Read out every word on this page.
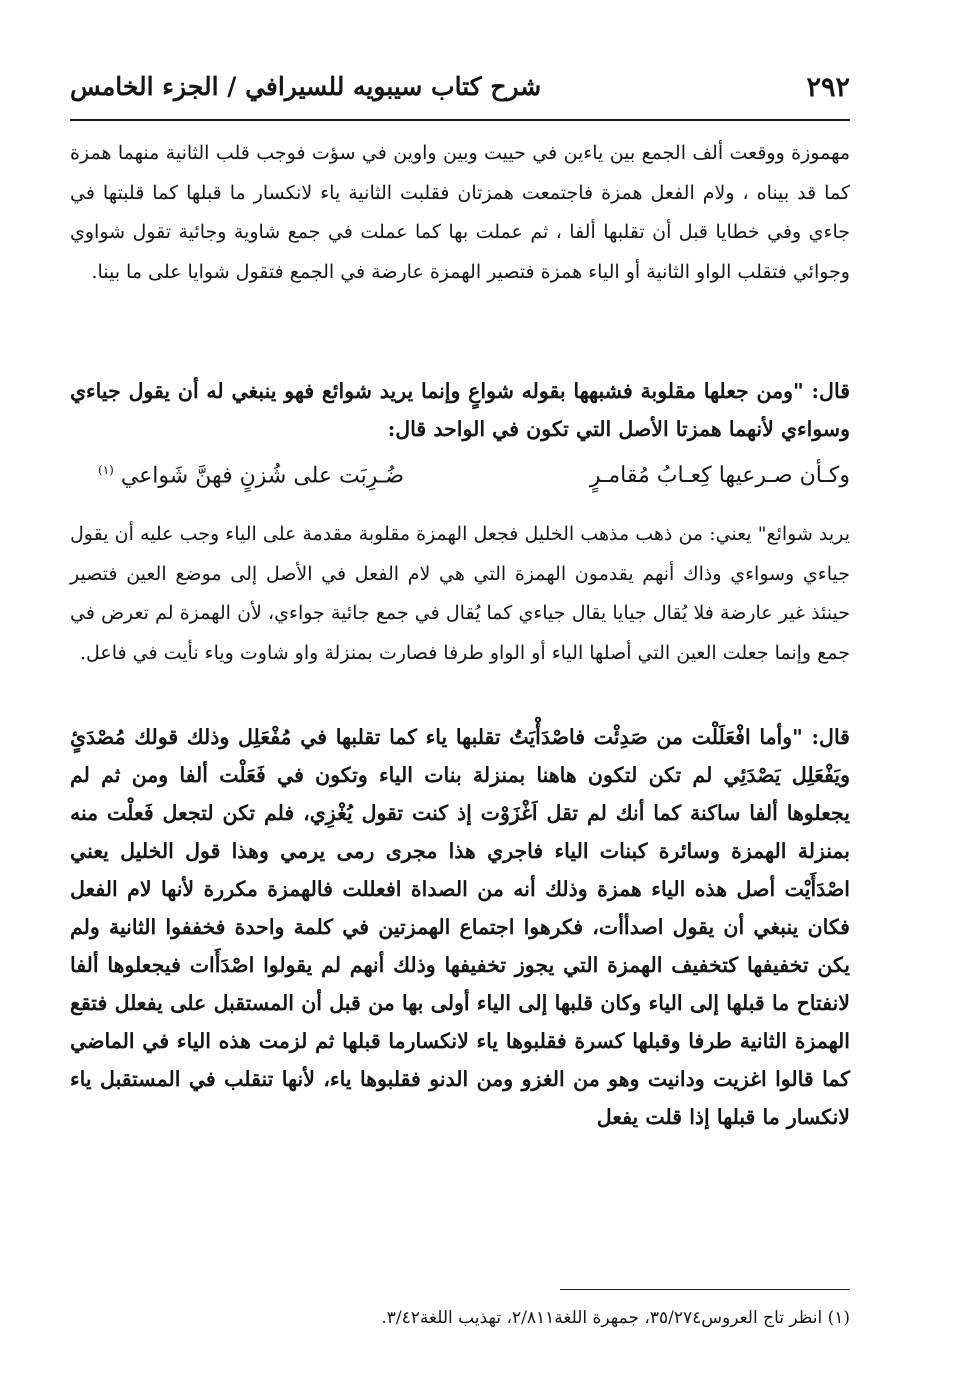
٢٩٢
شرح كتاب سيبويه للسيرافي / الجزء الخامس

مهموزة ووقعت ألف الجمع بين ياءين في حييت وبين واوين في سؤت فوجب قلب الثانية منهما همزة كما قد بيناه ، ولام الفعل همزة فاجتمعت همزتان فقلبت الثانية ياء لانكسار ما قبلها كما قلبتها في جاءي وفي خطايا قبل أن تقلبها ألفا ، ثم عملت بها كما عملت في جمع شاوية وجائية تقول شواوي وجوائي فتقلب الواو الثانية أو الياء همزة فتصير الهمزة عارضة في الجمع فتقول شوايا على ما بينا.

قال: "ومن جعلها مقلوبة فشبهها بقوله شواعٍ وإنما يريد شوائع فهو ينبغي له أن يقول جياءي وسواءي لأنهما همزتا الأصل التي تكون في الواحد قال:

وكـأن صـرعيها كِعـابُ مُقامـرٍ
ضُـرِبَت على شُزنٍ فهنَّ شَواعي $^{(١)}$

يريد شوائع" يعني: من ذهب مذهب الخليل فجعل الهمزة مقلوبة مقدمة على الياء وجب عليه أن يقول جياءي وسواءي وذاك أنهم يقدمون الهمزة التي هي لام الفعل في الأصل إلى موضع العين فتصير حينئذ غير عارضة فلا يُقال جيايا يقال جياءي كما يُقال في جمع جائية جواءي، لأن الهمزة لم تعرض في جمع وإنما جعلت العين التي أصلها الياء أو الواو طرفا فصارت بمنزلة واو شاوت وياء نأيت في فاعل.

قال: "وأما افْعَلَلْت من صَدِئْت فاصْدَأْيَتُ تقلبها ياء كما تقلبها في مُفْعَلِل وذلك قولك مُصْدَئٍ ويَفْعَلِل يَصْدَئِي لم تكن لتكون هاهنا بمنزلة بنات الياء وتكون في فَعَلْت ألفا ومن ثم لم يجعلوها ألفا ساكنة كما أنك لم تقل اَغْزَوْت إذ كنت تقول يُغْزِي، فلم تكن لتجعل فَعلْت منه بمنزلة الهمزة وسائرة كبنات الياء فاجري هذا مجرى رمى يرمي وهذا قول الخليل يعني اصْدَأَيْت أصل هذه الياء همزة وذلك أنه من الصداة افعللت فالهمزة مكررة لأنها لام الفعل فكان ينبغي أن يقول اصدأأت، فكرهوا اجتماع الهمزتين في كلمة واحدة فخففوا الثانية ولم يكن تخفيفها كتخفيف الهمزة التي يجوز تخفيفها وذلك أنهم لم يقولوا اصْدَأَات فيجعلوها ألفا لانفتاح ما قبلها إلى الياء وكان قلبها إلى الياء أولى بها من قبل أن المستقبل على يفعلل فتقع الهمزة الثانية طرفا وقبلها كسرة فقلبوها ياء لانكسارما قبلها ثم لزمت هذه الياء في الماضي كما قالوا اغزيت ودانيت وهو من الغزو ومن الدنو فقلبوها ياء، لأنها تنقلب في المستقبل ياء لانكسار ما قبلها إذا قلت يفعل

(١) انظر تاج العروس٣٥/٢٧٤، جمهرة اللغة٢/٨١١، تهذيب اللغة٣/٤٢.
